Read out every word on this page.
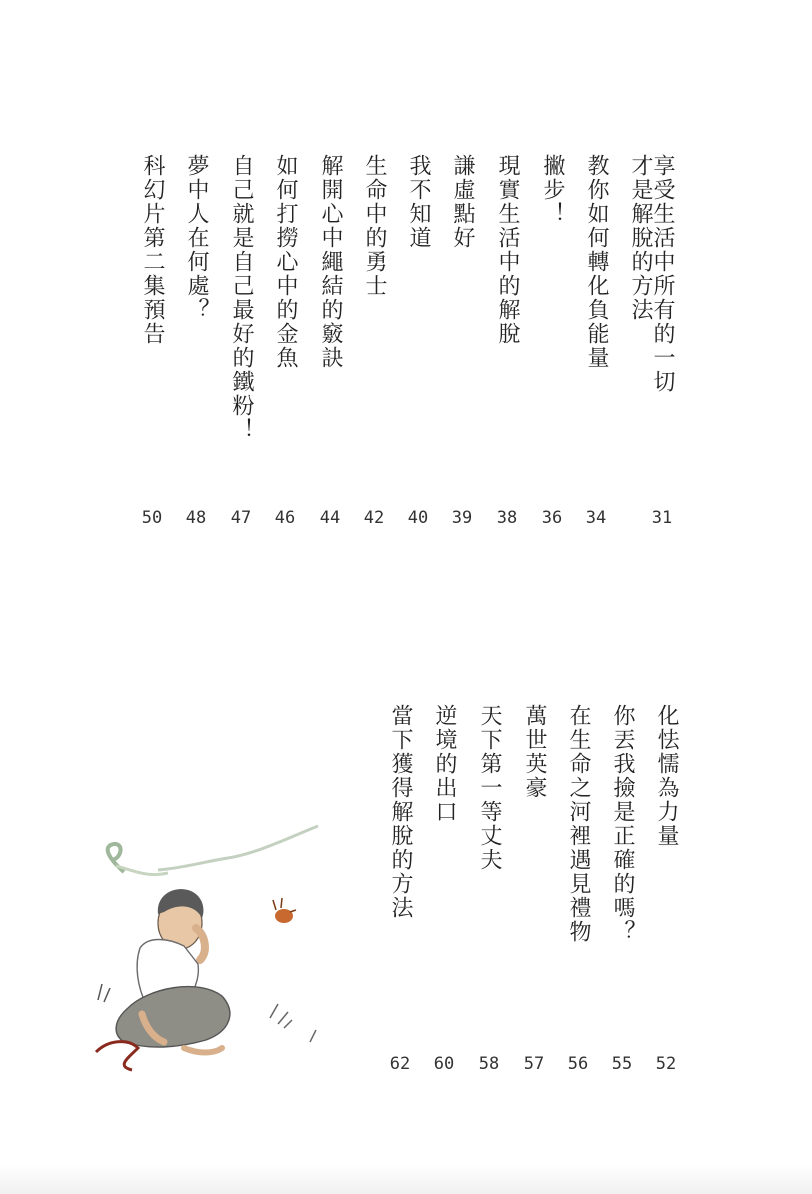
享受生活中所有的一切
31
才是解脫的方法
教你如何轉化負能量
34
撇步！
36
現實生活中的解脫
38
謙虛點好
39
我不知道
40
生命中的勇士
42
解開心中繩結的竅訣
44
如何打撈心中的金魚
46
自己就是自己最好的鐵粉！
47
夢中人在何處？
48
科幻片第二集預告
50
化怯懦為力量
52
你丟我撿是正確的嗎？
55
在生命之河裡遇見禮物
56
萬世英豪
57
天下第一等丈夫
58
逆境的出口
60
當下獲得解脫的方法
62
